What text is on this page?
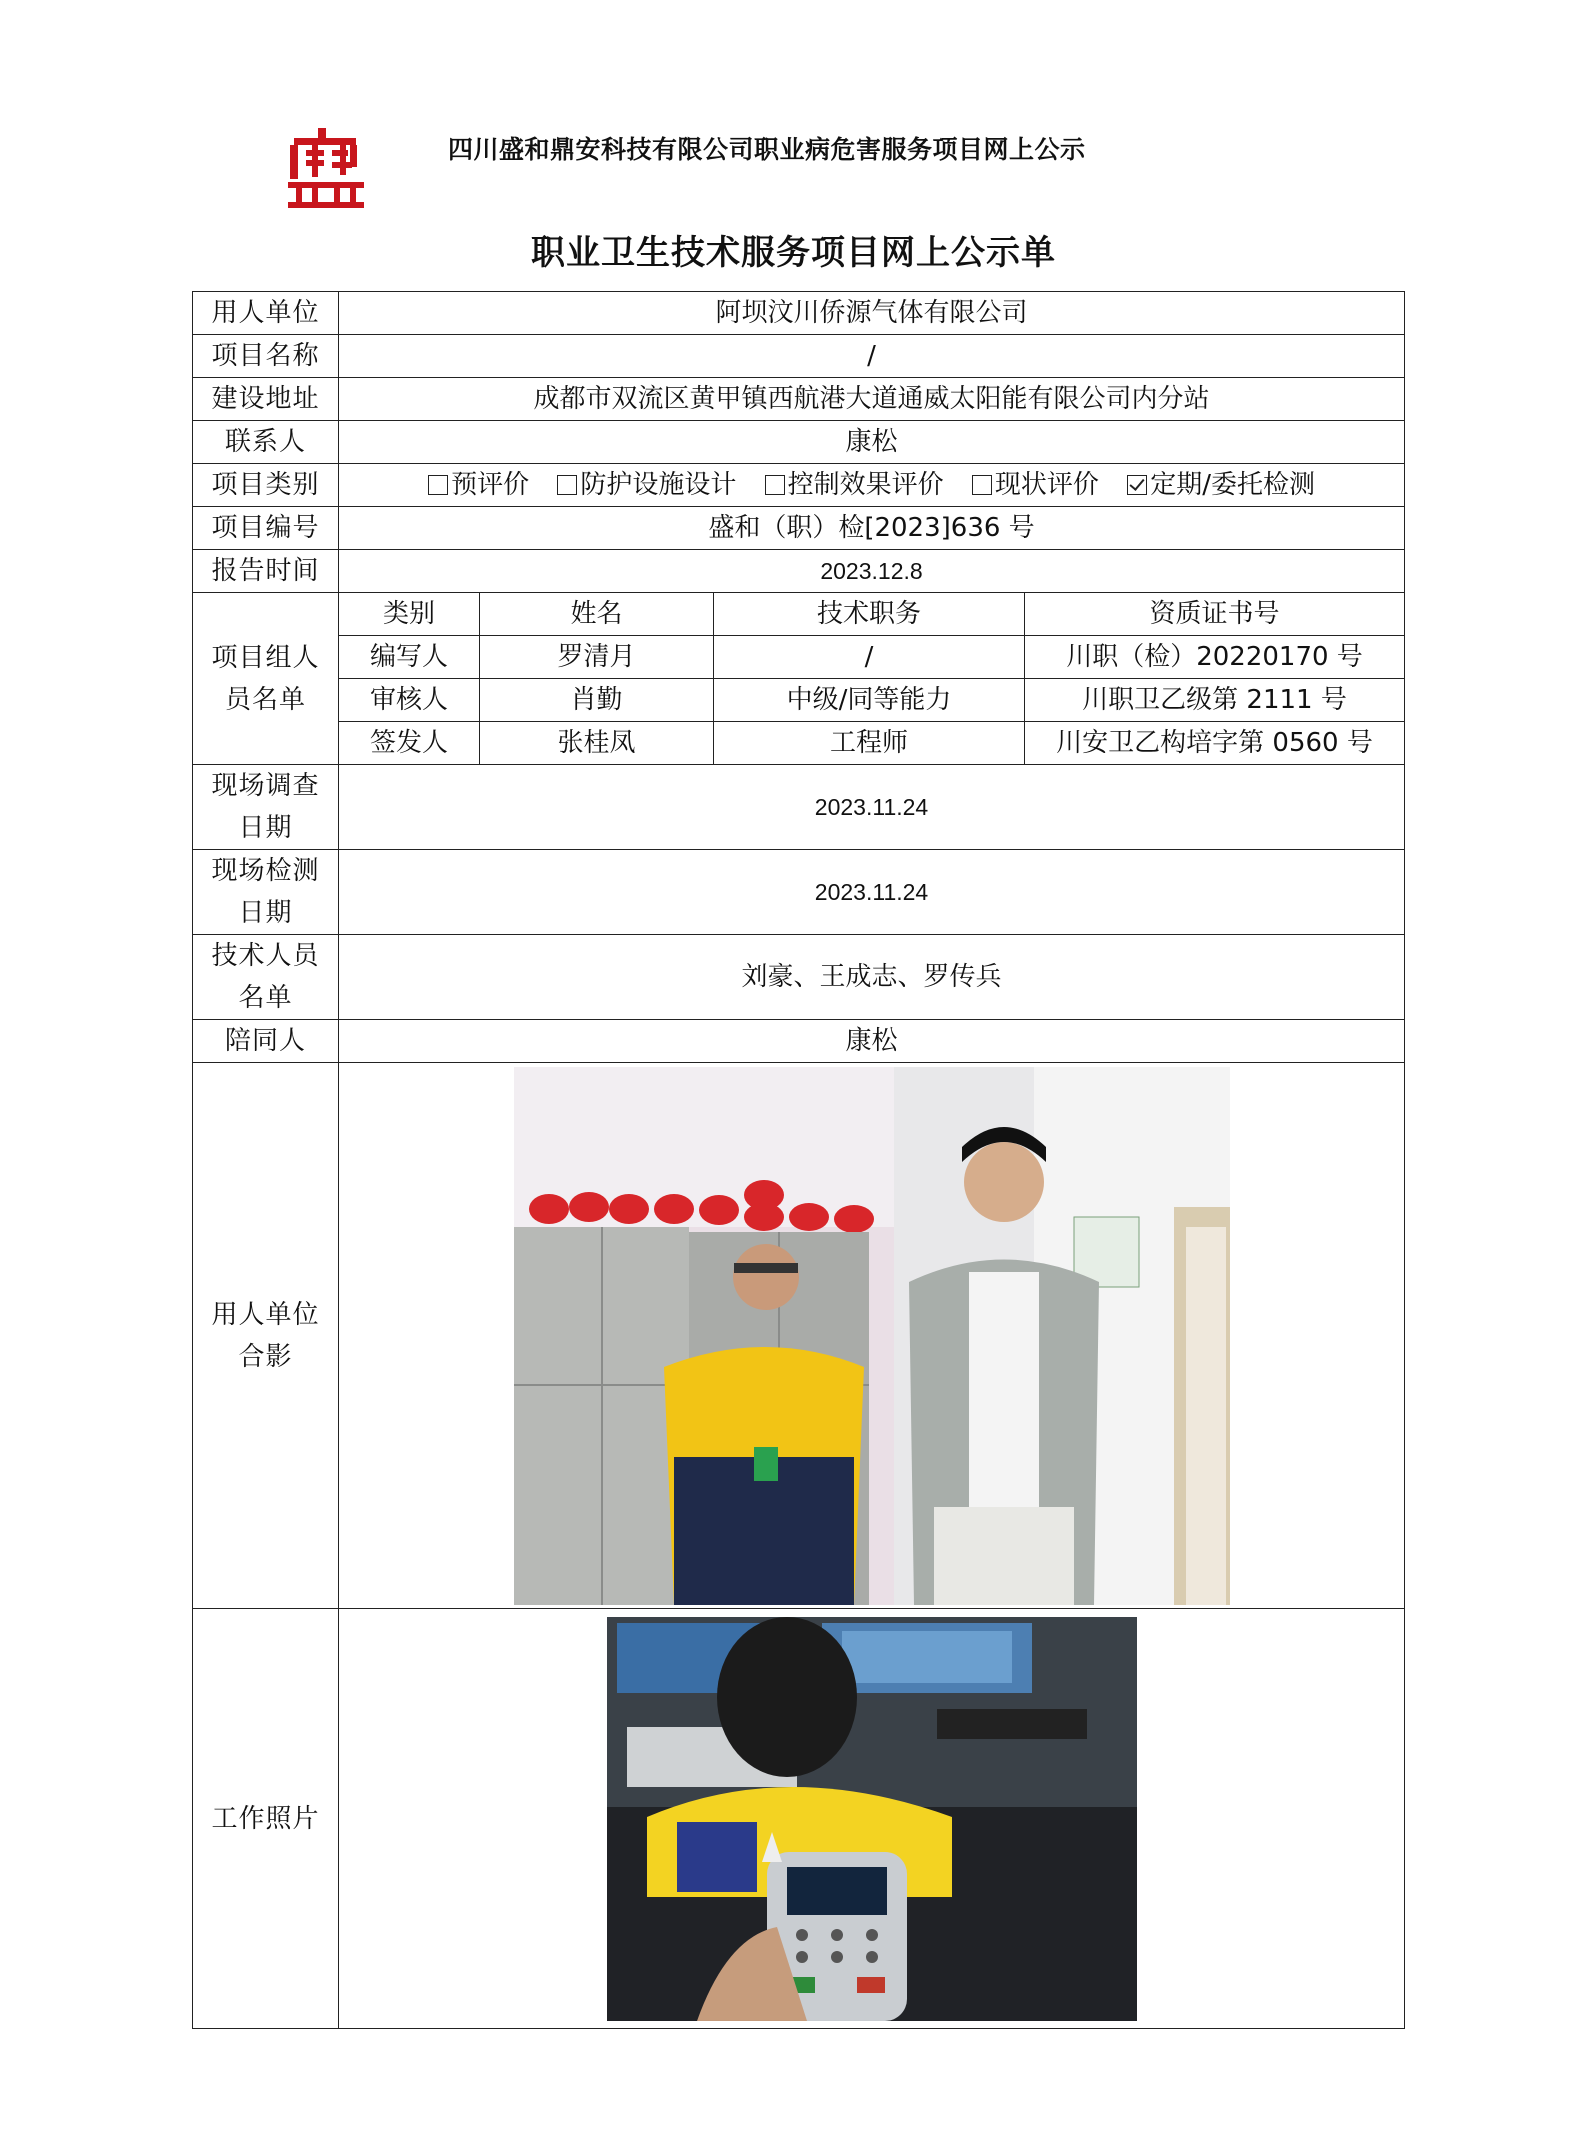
四川盛和鼎安科技有限公司职业病危害服务项目网上公示
职业卫生技术服务项目网上公示单
用人单位	阿坝汶川侨源气体有限公司			
项目名称	/			
建设地址	成都市双流区黄甲镇西航港大道通威太阳能有限公司内分站			
联系人	康松			
项目类别	预评价 防护设施设计 控制效果评价 现状评价 定期/委托检测			
项目编号	盛和（职）检[2023]636 号			
报告时间	2023.12.8			

项目组人
员名单	类别	姓名	技术职务	资质证书号
	编写人	罗清月	/	川职（检）20220170 号
	审核人	肖勤	中级/同等能力	川职卫乙级第 2111 号
	签发人	张桂凤	工程师	川安卫乙构培字第 0560 号

现场调查
日期	2023.11.24			

现场检测
日期	2023.11.24			

技术人员
名单	刘豪、王成志、罗传兵			
陪同人	康松			

用人单位
合影

工作照片	
